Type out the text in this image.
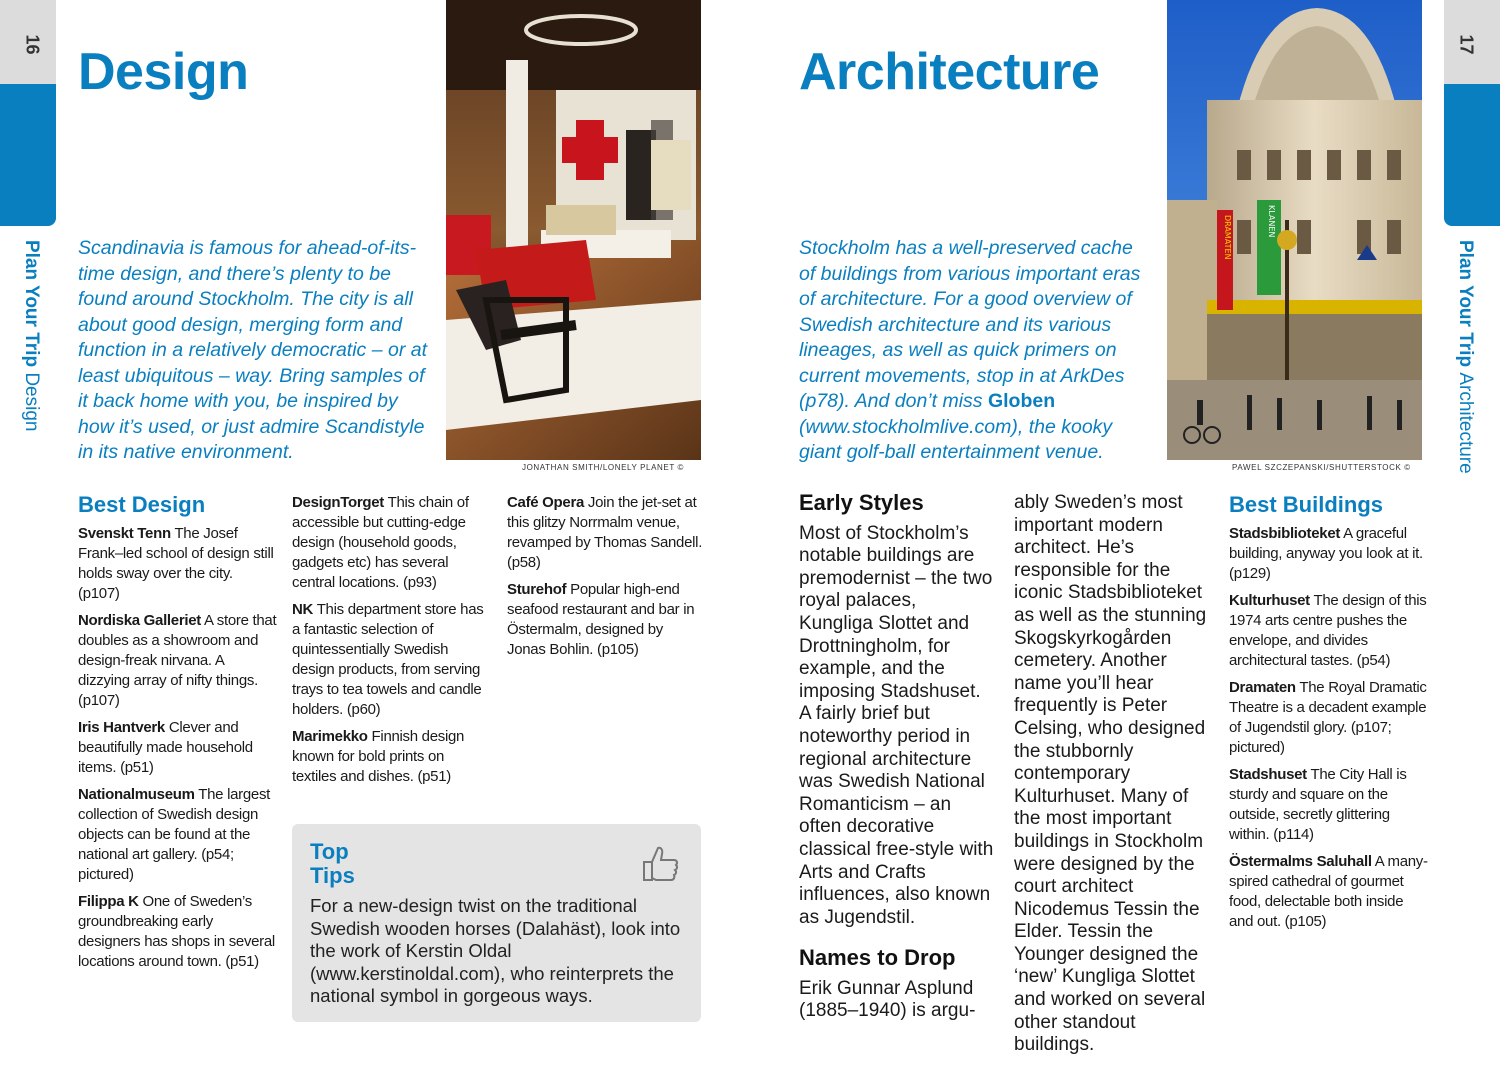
16
Plan Your Trip Design
Design
Scandinavia is famous for ahead-of-its-time design, and there’s plenty to be found around Stockholm. The city is all about good design, merging form and function in a relatively democratic – or at least ubiquitous – way. Bring samples of it back home with you, be inspired by how it’s used, or just admire Scandistyle in its native environment.
JONATHAN SMITH/LONELY PLANET ©
Best Design
Svenskt Tenn The Josef Frank–led school of design still holds sway over the city. (p107)
Nordiska Galleriet A store that doubles as a showroom and design-freak nirvana. A dizzying array of nifty things. (p107)
Iris Hantverk Clever and beautifully made household items. (p51)
Nationalmuseum The largest collection of Swedish design objects can be found at the national art gallery. (p54; pictured)
Filippa K One of Sweden’s groundbreaking early designers has shops in several locations around town. (p51)
DesignTorget This chain of accessible but cutting-edge design (household goods, gadgets etc) has several central locations. (p93)
NK This department store has a fantastic selection of quintessentially Swedish design products, from serving trays to tea towels and candle holders. (p60)
Marimekko Finnish design known for bold prints on textiles and dishes. (p51)
Café Opera Join the jet-set at this glitzy Norrmalm venue, revamped by Thomas Sandell. (p58)
Sturehof Popular high-end seafood restaurant and bar in Östermalm, designed by Jonas Bohlin. (p105)
Top
Tips
For a new-design twist on the traditional Swedish wooden horses (Dalahäst), look into the work of Kerstin Oldal (www.kerstinoldal.com), who reinterprets the national symbol in gorgeous ways.
17
Plan Your Trip Architecture
Architecture
Stockholm has a well-preserved cache of buildings from various important eras of architecture. For a good overview of Swedish architecture and its various lineages, as well as quick primers on current movements, stop in at ArkDes (p78). And don’t miss Globen (www.stockholmlive.com), the kooky giant golf-ball entertainment venue.
DRAMATEN	KLANEN
PAWEL SZCZEPANSKI/SHUTTERSTOCK ©
Early Styles
Most of Stockholm’s notable buildings are premodernist – the two royal palaces, Kungliga Slottet and Drottningholm, for example, and the imposing Stadshuset. A fairly brief but noteworthy period in regional architecture was Swedish National Romanticism – an often decorative classical free-style with Arts and Crafts influences, also known as Jugendstil.
Names to Drop
Erik Gunnar Asplund (1885–1940) is argu-
ably Sweden’s most important modern architect. He’s responsible for the iconic Stadsbiblioteket as well as the stunning Skogskyrkogården cemetery. Another name you’ll hear frequently is Peter Celsing, who designed the stubbornly contemporary Kulturhuset. Many of the most important buildings in Stockholm were designed by the court architect Nicodemus Tessin the Elder. Tessin the Younger designed the ‘new’ Kungliga Slottet and worked on several other standout buildings.
Best Buildings
Stadsbiblioteket A graceful building, anyway you look at it. (p129)
Kulturhuset The design of this 1974 arts centre pushes the envelope, and divides architectural tastes. (p54)
Dramaten The Royal Dramatic Theatre is a decadent example of Jugendstil glory. (p107; pictured)
Stadshuset The City Hall is sturdy and square on the outside, secretly glittering within. (p114)
Östermalms Saluhall A many-spired cathedral of gourmet food, delectable both inside and out. (p105)
